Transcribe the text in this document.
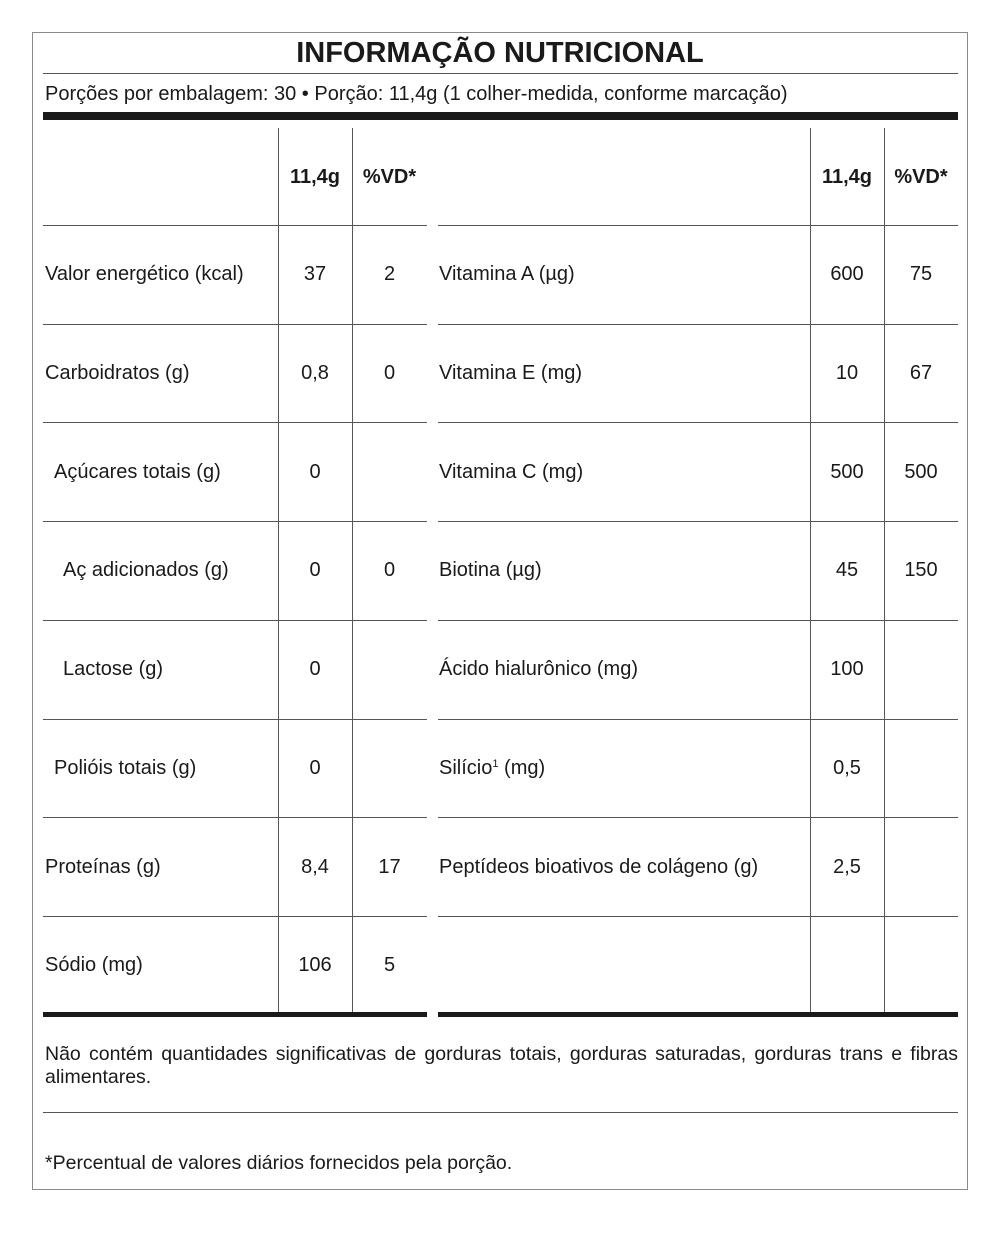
INFORMAÇÃO NUTRICIONAL
Porções por embalagem: 30 • Porção: 11,4g (1 colher-medida, conforme marcação)
11,4g	%VD*	11,4g	%VD*
Valor energético (kcal)	37	2
Carboidratos (g)	0,8	0
Açúcares totais (g)	0
Aç adicionados (g)	0	0
Lactose (g)	0
Polióis totais (g)	0
Proteínas (g)	8,4	17
Sódio (mg)	106	5
Vitamina A (µg)	600	75
Vitamina E (mg)	10	67
Vitamina C (mg)	500	500
Biotina (µg)	45	150
Ácido hialurônico (mg)	100
Silício$^1$ (mg)	0,5
Peptídeos bioativos de colágeno (g)	2,5
Não contém quantidades significativas de gorduras totais, gorduras saturadas, gorduras trans e fibras alimentares.
*Percentual de valores diários fornecidos pela porção.
